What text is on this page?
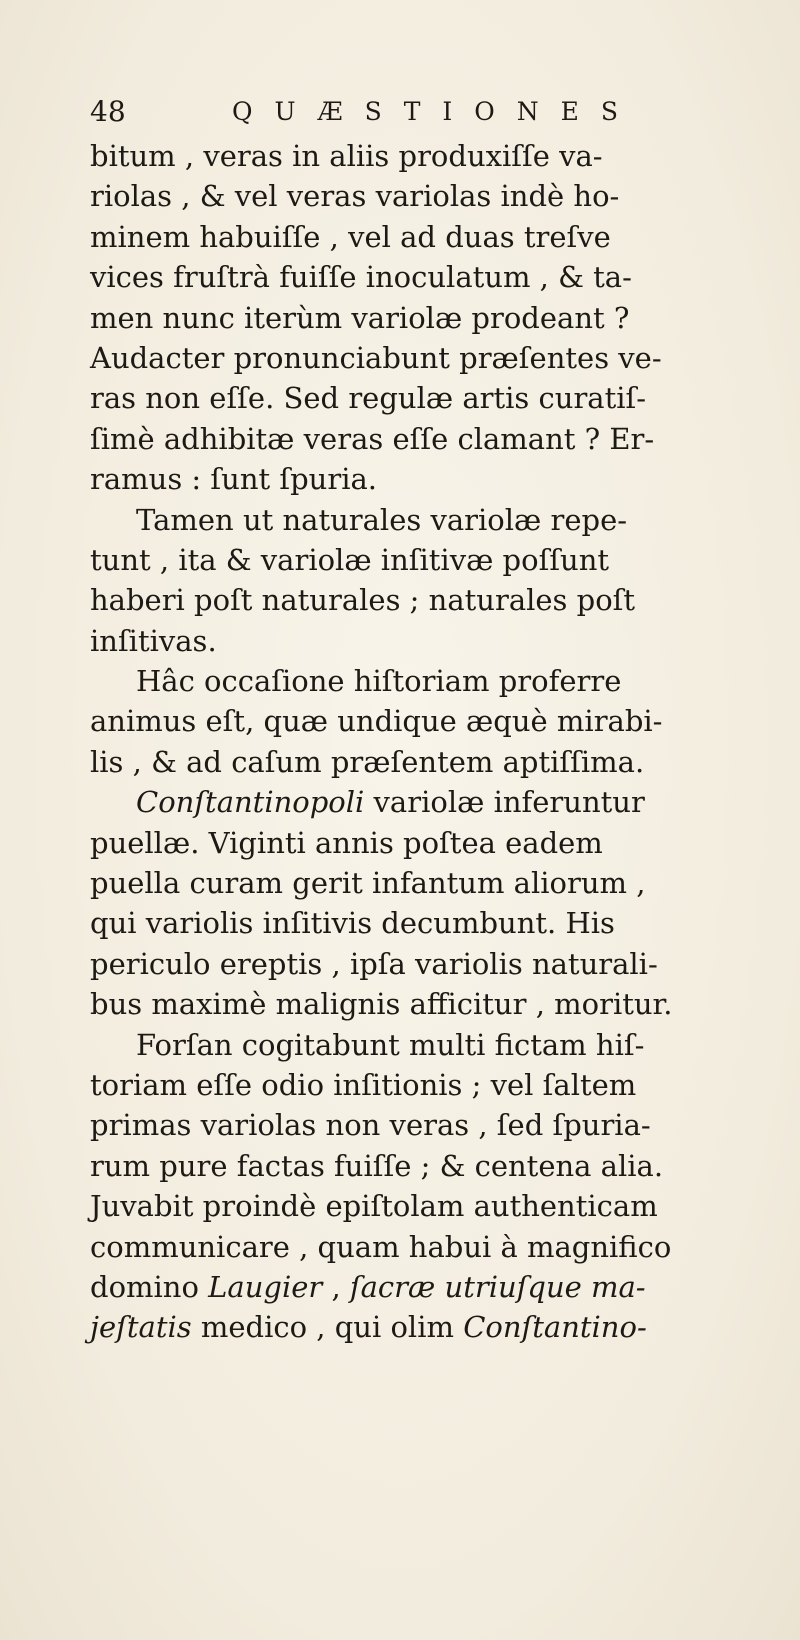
48	QUÆSTIONES
bitum , veras in aliis produxiſſe va-
riolas , & vel veras variolas indè ho-
minem habuiſſe , vel ad duas treſve
vices fruſtrà fuiſſe inoculatum , & ta-
men nunc iterùm variolæ prodeant ?
Audacter pronunciabunt præſentes ve-
ras non eſſe. Sed regulæ artis curatiſ-
ſimè adhibitæ veras eſſe clamant ? Er-
ramus : ſunt ſpuria.
Tamen ut naturales variolæ repe-
tunt , ita & variolæ inſitivæ poſſunt
haberi poſt naturales ; naturales poſt
inſitivas.
Hâc occaſione hiſtoriam proferre
animus eſt, quæ undique æquè mirabi-
lis , & ad caſum præſentem aptiſſima.
Conſtantinopoli variolæ inferuntur
puellæ. Viginti annis poſtea eadem
puella curam gerit infantum aliorum ,
qui variolis inſitivis decumbunt. His
periculo ereptis , ipſa variolis naturali-
bus maximè malignis afficitur , moritur.
Forſan cogitabunt multi fictam hiſ-
toriam eſſe odio inſitionis ; vel ſaltem
primas variolas non veras , ſed ſpuria-
rum pure factas fuiſſe ; & centena alia.
Juvabit proindè epiſtolam authenticam
communicare , quam habui à magnifico
domino Laugier , ſacræ utriuſque ma-
jeſtatis medico , qui olim Conſtantino-
